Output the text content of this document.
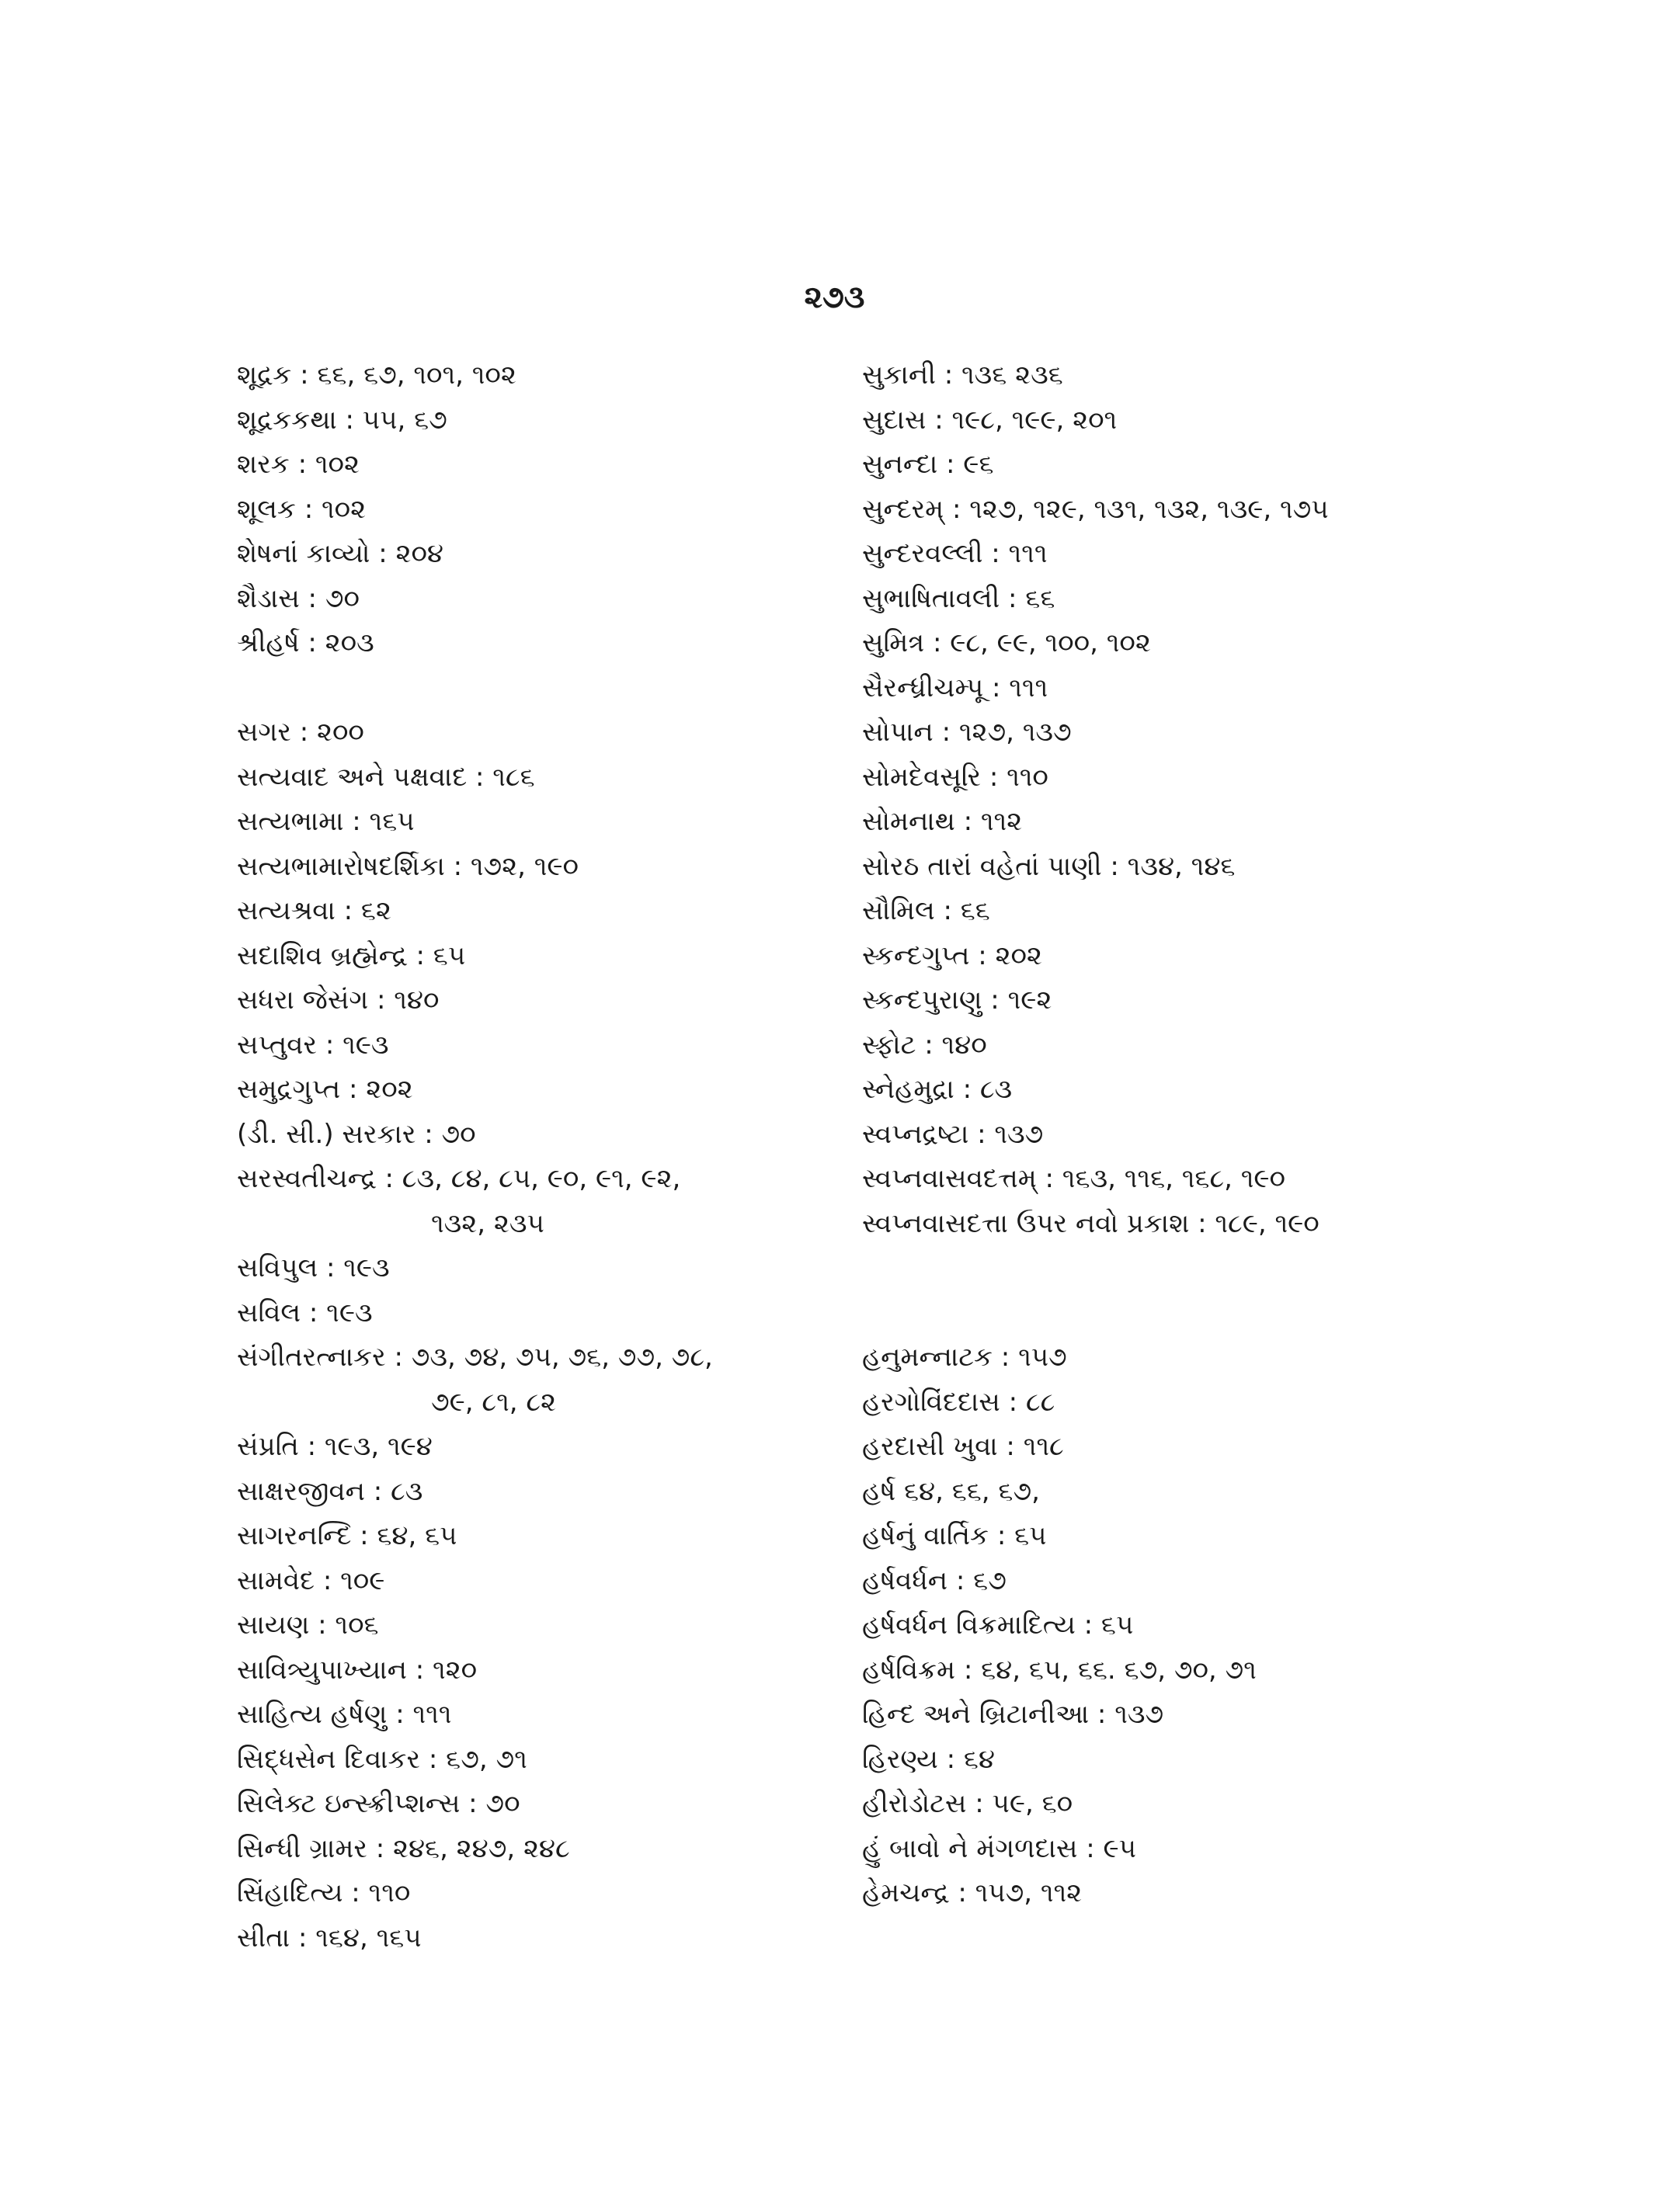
૨૭૩
શૂદ્રક : ૬૬, ૬૭, ૧૦૧, ૧૦૨
શૂદ્રકકથા : ૫૫, ૬૭
શરક : ૧૦૨
શૂલક : ૧૦૨
શેષનાં કાવ્યો : ૨૦૪
શૈડાસ : ૭૦
શ્રીહર્ષ : ૨૦૩
સગર : ૨૦૦
સત્યવાદ અને પક્ષવાદ : ૧૮૬
સત્યભામા : ૧૬૫
સત્યભામારોષદર્શિકા : ૧૭૨, ૧૯૦
સત્યશ્રવા : ૬૨
સદાશિવ બ્રહ્મેન્દ્ર : ૬૫
સધરા જેસંગ : ૧૪૦
સપ્તુવર : ૧૯૩
સમુદ્રગુપ્ત : ૨૦૨
(ડી. સી.) સરકાર : ૭૦
સરસ્વતીચન્દ્ર : ૮૩, ૮૪, ૮૫, ૯૦, ૯૧, ૯૨,
૧૩૨, ૨૩૫
સવિપુલ : ૧૯૩
સવિલ : ૧૯૩
સંગીતરત્નાકર : ૭૩, ૭૪, ૭૫, ૭૬, ૭૭, ૭૮,
૭૯, ૮૧, ૮૨
સંપ્રતિ : ૧૯૩, ૧૯૪
સાક્ષરજીવન : ૮૩
સાગરનન્દિ : ૬૪, ૬૫
સામવેદ : ૧૦૯
સાયણ : ૧૦૬
સાવિત્ર્યુપાખ્યાન : ૧૨૦
સાહિત્ય હર્ષણુ : ૧૧૧
સિદ્ધસેન દિવાકર : ૬૭, ૭૧
સિલેક્ટ ઇન્સ્ક્રીપ્શન્સ : ૭૦
સિન્ધી ગ્રામર : ૨૪૬, ૨૪૭, ૨૪૮
સિંહાદિત્ય : ૧૧૦
સીતા : ૧૬૪, ૧૬૫
સુકાની : ૧૩૬ ૨૩૬
સુદાસ : ૧૯૮, ૧૯૯, ૨૦૧
સુનન્દા : ૯૬
સુન્દરમ્ : ૧૨૭, ૧૨૯, ૧૩૧, ૧૩૨, ૧૩૯, ૧૭૫
સુન્દરવલ્લી : ૧૧૧
સુભાષિતાવલી : ૬૬
સુમિત્ર : ૯૮, ૯૯, ૧૦૦, ૧૦૨
સૈરન્ધ્રીચમ્પૂ : ૧૧૧
સોપાન : ૧૨૭, ૧૩૭
સોમદેવસૂરિ : ૧૧૦
સોમનાથ : ૧૧૨
સોરઠ તારાં વહેતાં પાણી : ૧૩૪, ૧૪૬
સૌમિલ : ૬૬
સ્કન્દગુપ્ત : ૨૦૨
સ્કન્દપુરાણુ : ૧૯૨
સ્ફોટ : ૧૪૦
સ્નેહમુદ્રા : ૮૩
સ્વપ્નદ્રષ્ટા : ૧૩૭
સ્વપ્નવાસવદત્તમ્ : ૧૬૩, ૧૧૬, ૧૬૮, ૧૯૦
સ્વપ્નવાસદત્તા ઉપર નવો પ્રકાશ : ૧૮૯, ૧૯૦
હનુમન્નાટક : ૧૫૭
હરગોવિંદદાસ : ૮૮
હરદાસી ખુવા : ૧૧૮
હર્ષ ૬૪, ૬૬, ૬૭,
હર્ષનું વાર્તિક : ૬૫
હર્ષવર્ધન : ૬૭
હર્ષવર્ધન વિક્રમાદિત્ય : ૬૫
હર્ષવિક્રમ : ૬૪, ૬૫, ૬૬. ૬૭, ૭૦, ૭૧
હિન્દ અને બ્રિટાનીઆ : ૧૩૭
હિરણ્ય : ૬૪
હીરોડોટસ : ૫૯, ૬૦
હું બાવો ને મંગળદાસ : ૯૫
હેમચન્દ્ર : ૧૫૭, ૧૧૨
